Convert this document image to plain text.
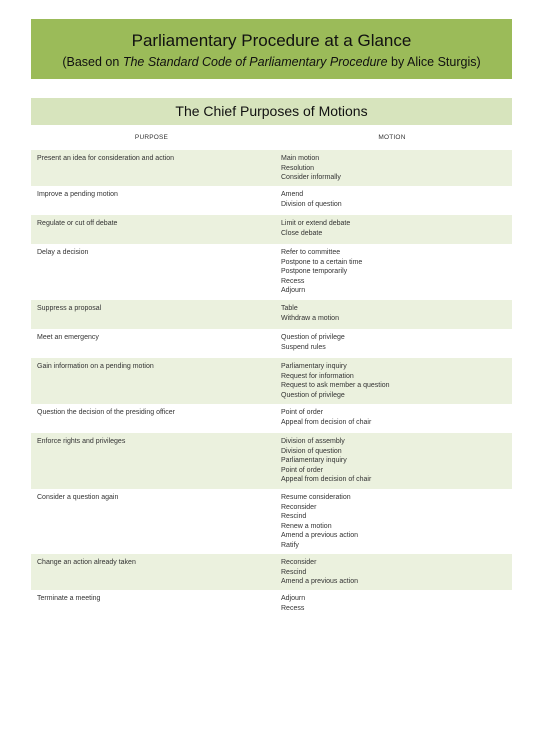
Parliamentary Procedure at a Glance
(Based on The Standard Code of Parliamentary Procedure by Alice Sturgis)
The Chief Purposes of Motions
PURPOSE	MOTION
Present an idea for consideration and action	Main motion
Resolution
Consider informally
Improve a pending motion	Amend
Division of question
Regulate or cut off debate	Limit or extend debate
Close debate
Delay a decision	Refer to committee
Postpone to a certain time
Postpone temporarily
Recess
Adjourn
Suppress a proposal	Table
Withdraw a motion
Meet an emergency	Question of privilege
Suspend rules
Gain information on a pending motion	Parliamentary inquiry
Request for information
Request to ask member a question
Question of privilege
Question the decision of the presiding officer	Point of order
Appeal from decision of chair
Enforce rights and privileges	Division of assembly
Division of question
Parliamentary inquiry
Point of order
Appeal from decision of chair
Consider a question again	Resume consideration
Reconsider
Rescind
Renew a motion
Amend a previous action
Ratify
Change an action already taken	Reconsider
Rescind
Amend a previous action
Terminate a meeting	Adjourn
Recess
